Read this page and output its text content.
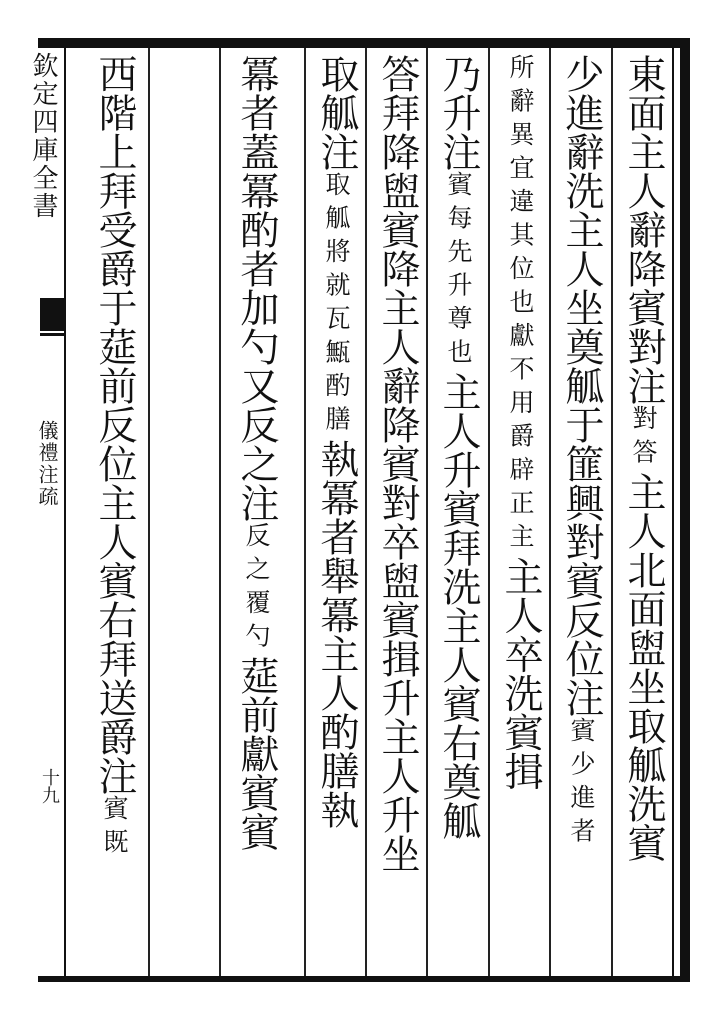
欽定四庫全書
儀禮注疏
十九
東面主人辭降賓對注對答主人北面盥坐取觚洗賓
少進辭洗主人坐奠觚于篚興對賓反位注賓少進者
所辭異宜違其位也獻不用爵辟正主主人卒洗賓揖
乃升注賓每先升尊也主人升賓拜洗主人賓右奠觚
答拜降盥賓降主人辭降賓對卒盥賓揖升主人升坐
取觚注取觚將就瓦甒酌膳執冪者舉冪主人酌膳執
冪者蓋冪酌者加勺又反之注反之覆勺莚前獻賓賓
西階上拜受爵于莚前反位主人賓右拜送爵注賓既
